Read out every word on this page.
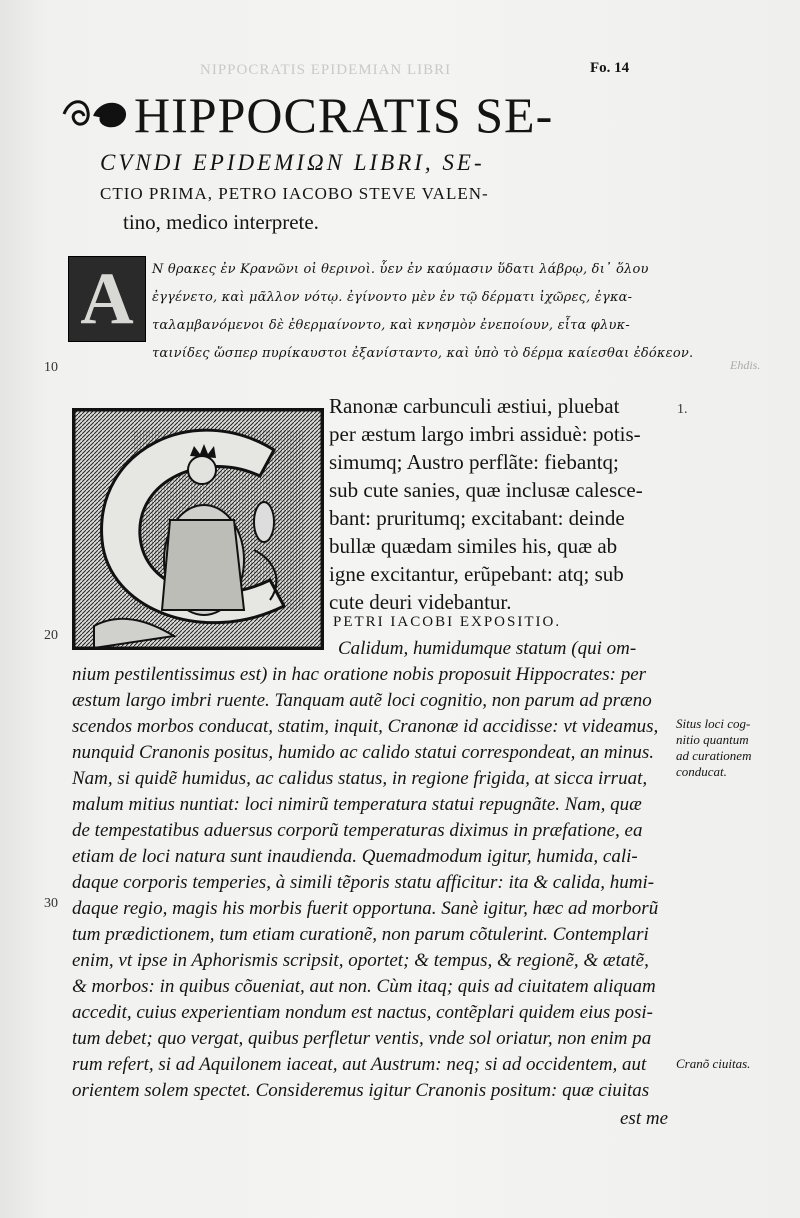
NIPPOCRATIS EPIDEMIAN LIBRI	Fo. 14
HIPPOCRATIS SE-
CVNDI EPIDEMIΩN LIBRI, SE-
CTIO PRIMA, PETRO IACOBO STEVE VALEN-
tino, medico interprete.
A	Ν θρακες ἐν Κρανῶνι οἱ θερινοὶ. ὗεν ἐν καύμασιν ὕδατι λάβρῳ, δι᾽ ὅλου
ἐγγένετο, καὶ μᾶλλον νότῳ. ἐγίνοντο μὲν ἐν τῷ δέρματι ἰχῶρες, ἐγκα-
ταλαμβανόμενοι δὲ ἐθερμαίνοντο, καὶ κνησμὸν ἐνεποίουν, εἶτα φλυκ-
ταινίδες ὥσπερ πυρίκαυστοι ἐξανίσταντο, καὶ ὑπὸ τὸ δέρμα καίεσθαι ἐδόκεον.
10	Ehdis.
1.
Ranonæ carbunculi æstiui, pluebat
per æstum largo imbri assiduè: potis-
simumq; Austro perflãte: fiebantq;
sub cute sanies, quæ inclusæ calesce-
bant: pruritumq; excitabant: deinde
bullæ quædam similes his, quæ ab
igne excitantur, erũpebant: atq; sub
cute deuri videbantur.
PETRI IACOBI EXPOSITIO.
20
Calidum, humidumque statum (qui om-
nium pestilentissimus est) in hac oratione nobis proposuit Hippocrates: per
æstum largo imbri ruente. Tanquam autẽ loci cognitio, non parum ad præno
scendos morbos conducat, statim, inquit, Cranonæ id accidisse: vt videamus,
nunquid Cranonis positus, humido ac calido statui correspondeat, an minus.
Nam, si quidẽ humidus, ac calidus status, in regione frigida, at sicca irruat,
malum mitius nuntiat: loci nimirũ temperatura statui repugnãte. Nam, quæ
de tempestatibus aduersus corporũ temperaturas diximus in præfatione, ea
etiam de loci natura sunt inaudienda. Quemadmodum igitur, humida, cali-
daque corporis temperies, à simili tẽporis statu afficitur: ita & calida, humi-
daque regio, magis his morbis fuerit opportuna. Sanè igitur, hæc ad morborũ
tum prædictionem, tum etiam curationẽ, non parum cõtulerint. Contemplari
enim, vt ipse in Aphorismis scripsit, oportet; & tempus, & regionẽ, & ætatẽ,
& morbos: in quibus cõueniat, aut non. Cùm itaq; quis ad ciuitatem aliquam
accedit, cuius experientiam nondum est nactus, contẽplari quidem eius posi-
tum debet; quo vergat, quibus perfletur ventis, vnde sol oriatur, non enim pa
rum refert, si ad Aquilonem iaceat, aut Austrum: neq; si ad occidentem, aut
orientem solem spectet. Consideremus igitur Cranonis positum: quæ ciuitas
est me
30
Situs loci cog-
nitio quantum
ad curationem
conducat.
Cranõ ciuitas.
